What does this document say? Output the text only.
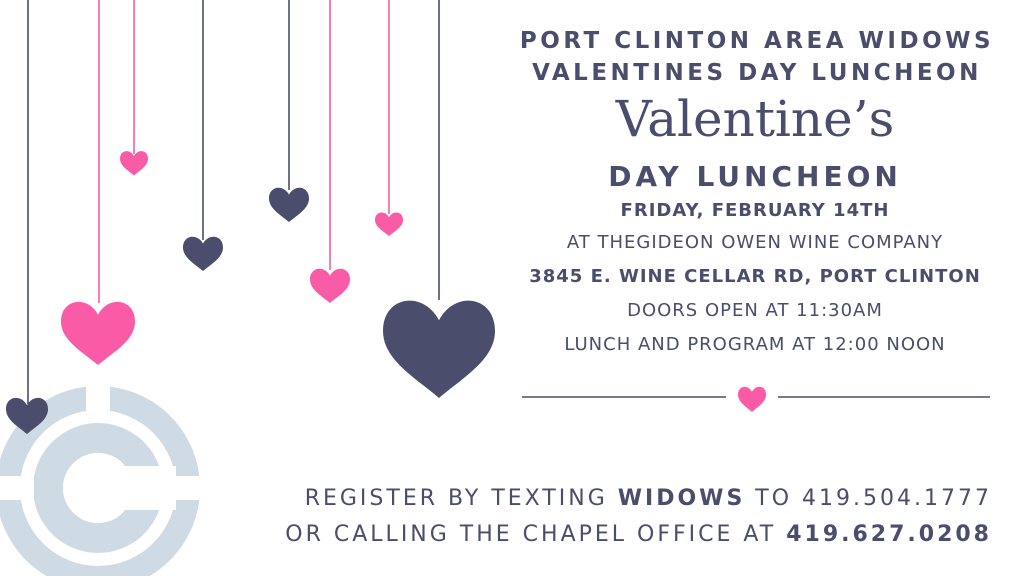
PORT CLINTON AREA WIDOWS
VALENTINES DAY LUNCHEON
Valentine’s
DAY LUNCHEON
FRIDAY, FEBRUARY 14TH
AT THEGIDEON OWEN WINE COMPANY
3845 E. WINE CELLAR RD, PORT CLINTON
DOORS OPEN AT 11:30AM
LUNCH AND PROGRAM AT 12:00 NOON
REGISTER BY TEXTING WIDOWS TO 419.504.1777
OR CALLING THE CHAPEL OFFICE AT 419.627.0208
